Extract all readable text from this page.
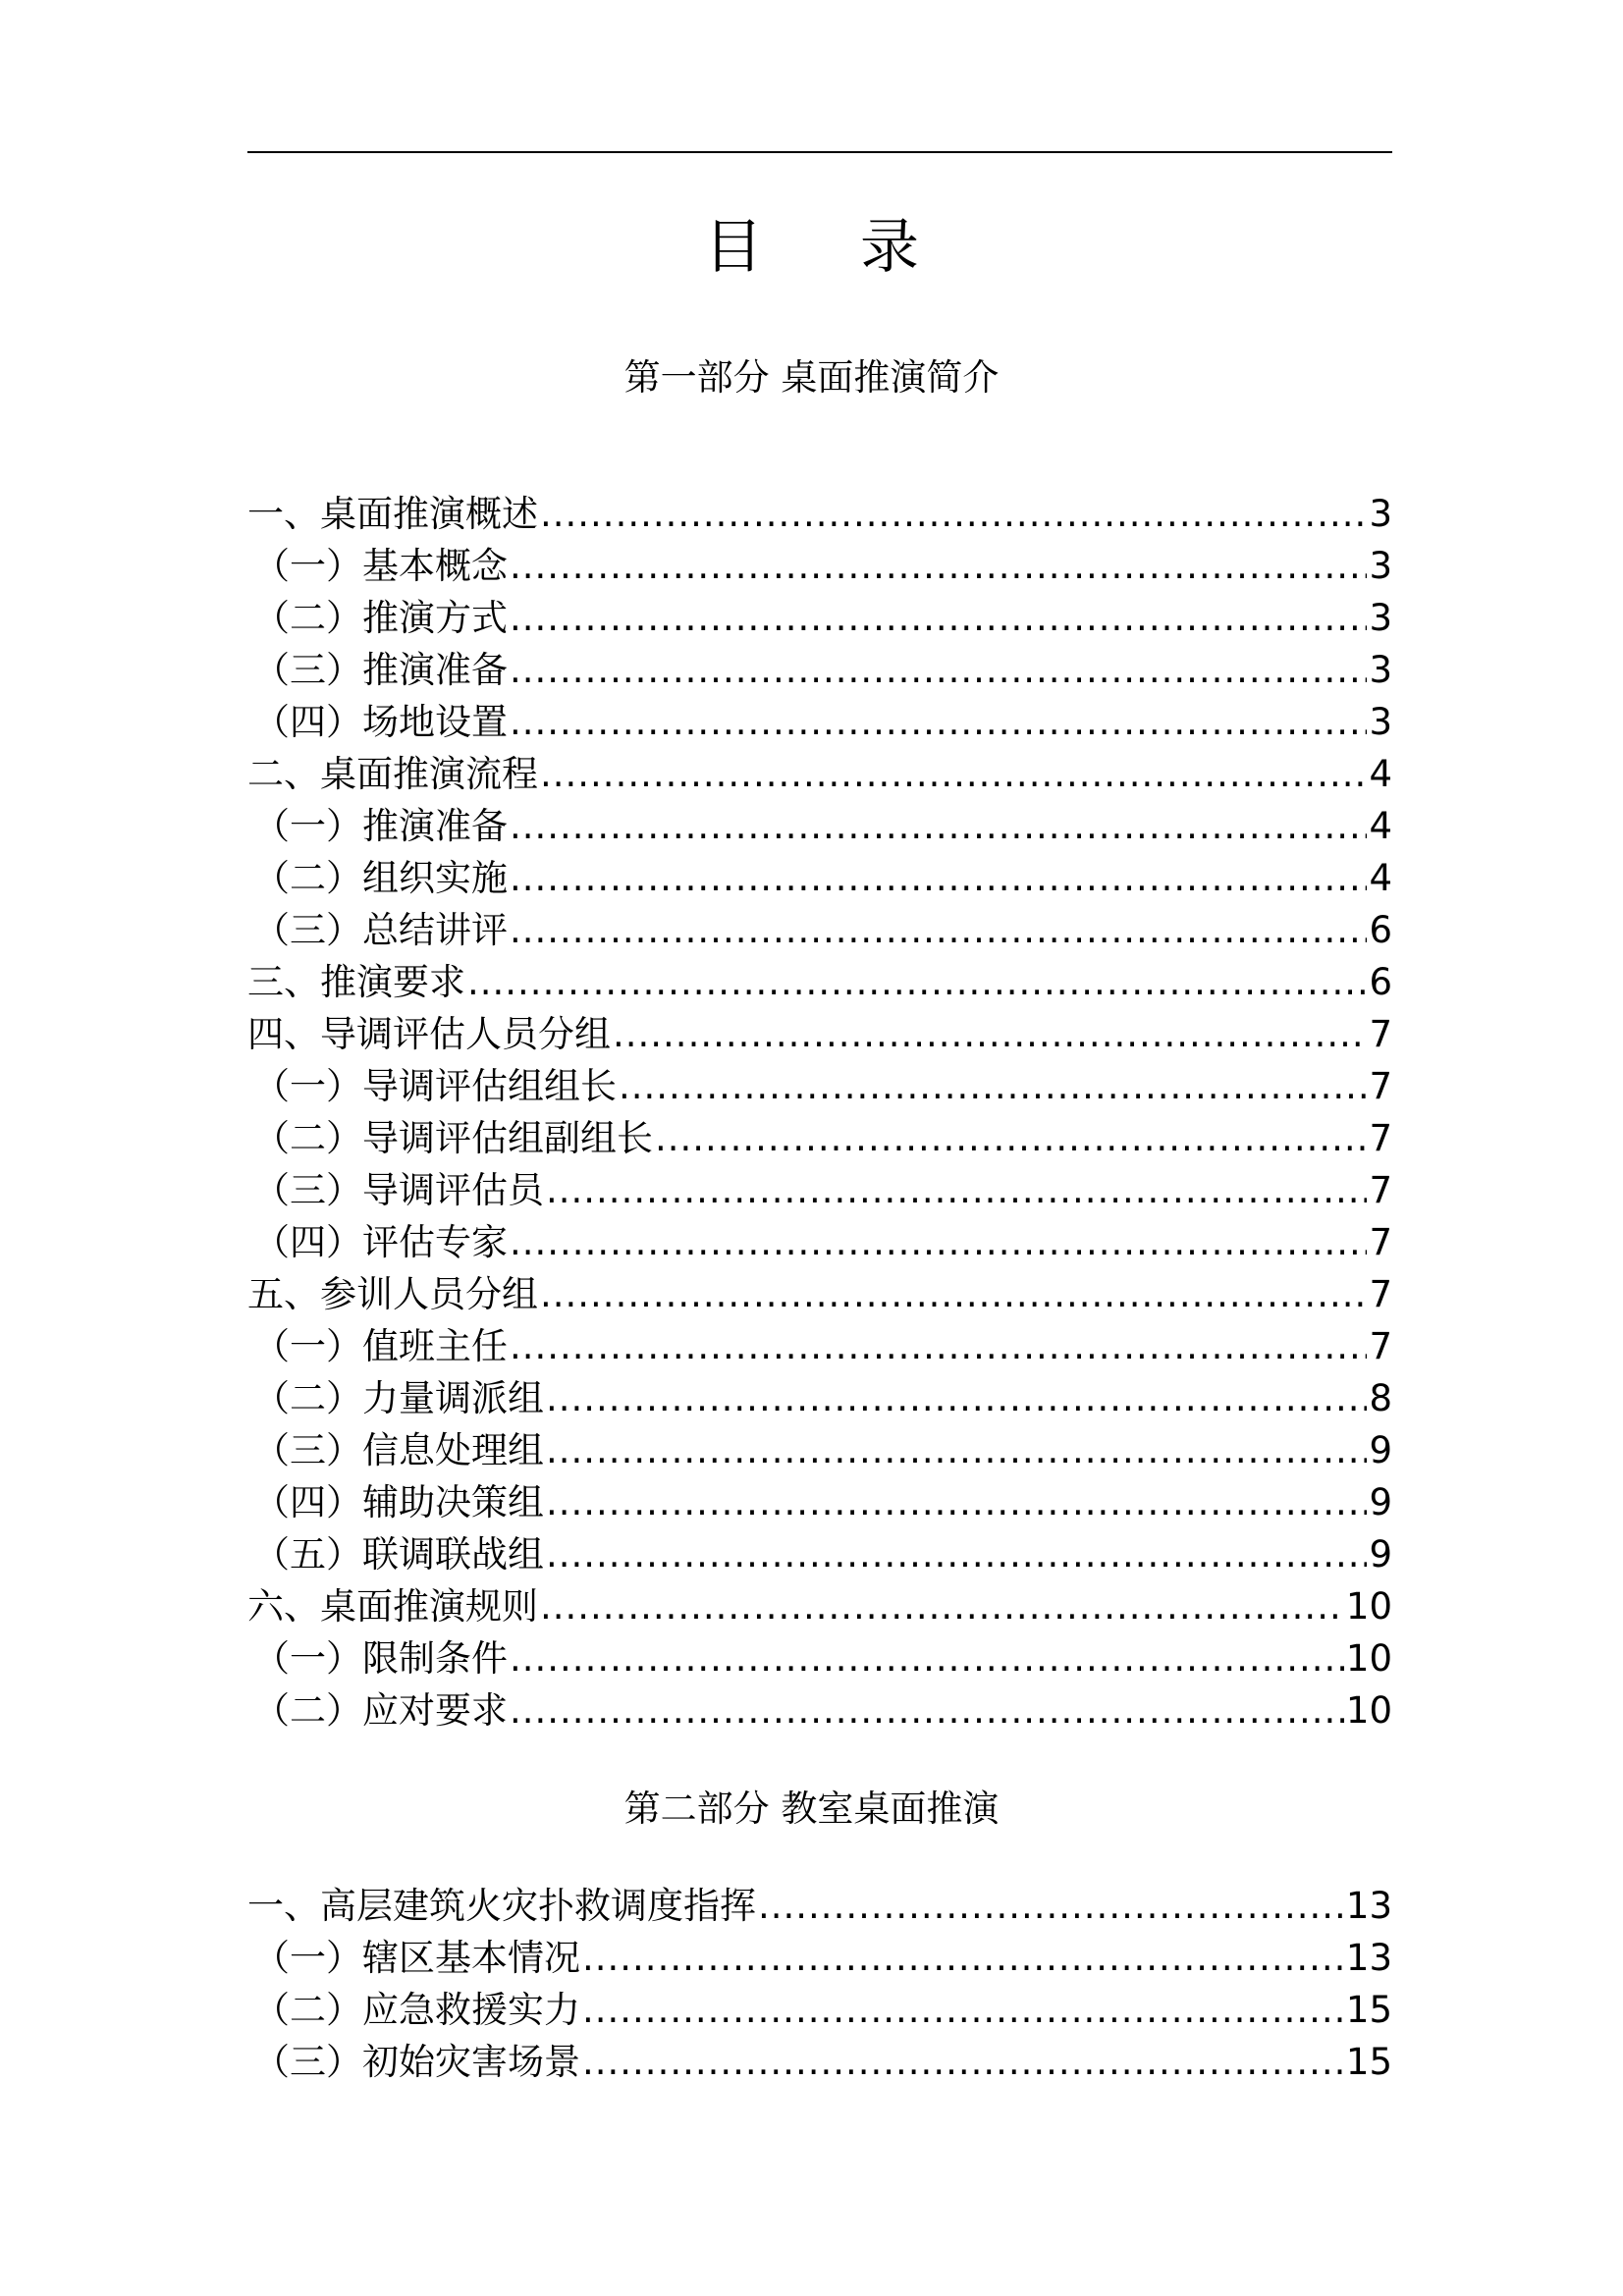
目 录
第一部分 桌面推演简介
一、桌面推演概述 .....	3
（一）基本概念 .....	3
（二）推演方式 .....	3
（三）推演准备 .....	3
（四）场地设置 .....	3
二、桌面推演流程 .....	4
（一）推演准备 .....	4
（二）组织实施 .....	4
（三）总结讲评 .....	6
三、推演要求 .....	6
四、导调评估人员分组 .....	7
（一）导调评估组组长 .....	7
（二）导调评估组副组长 .....	7
（三）导调评估员 .....	7
（四）评估专家 .....	7
五、参训人员分组 .....	7
（一）值班主任 .....	7
（二）力量调派组 .....	8
（三）信息处理组 .....	9
（四）辅助决策组 .....	9
（五）联调联战组 .....	9
六、桌面推演规则 .....	10
（一）限制条件 .....	10
（二）应对要求 .....	10
第二部分 教室桌面推演
一、高层建筑火灾扑救调度指挥 .....	13
（一）辖区基本情况 .....	13
（二）应急救援实力 .....	15
（三）初始灾害场景 .....	15
